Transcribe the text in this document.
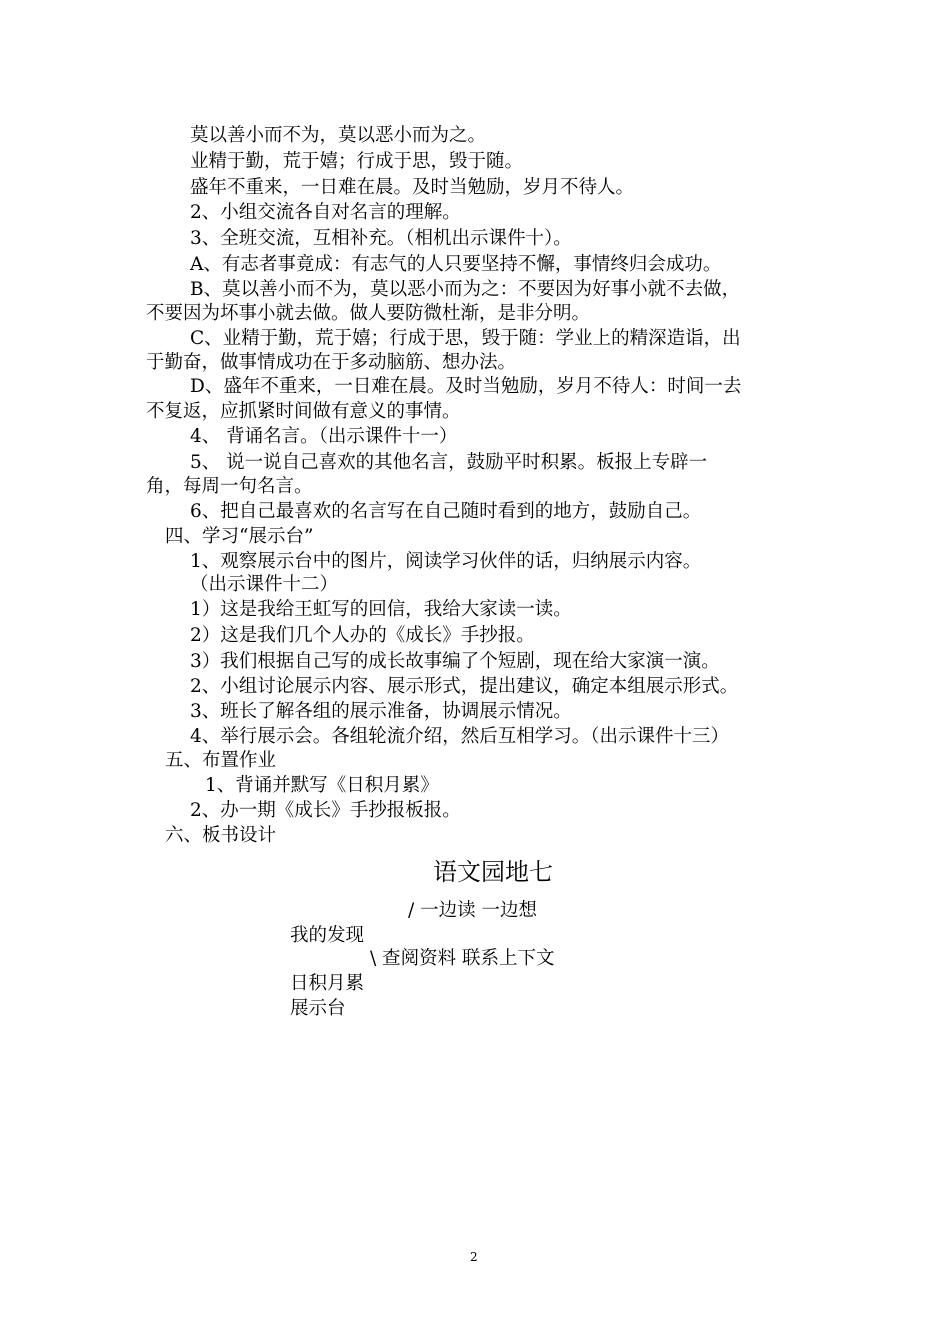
莫以善小而不为，莫以恶小而为之。
业精于勤，荒于嬉；行成于思，毁于随。
盛年不重来，一日难在晨。及时当勉励，岁月不待人。
2、小组交流各自对名言的理解。
3、全班交流，互相补充。（相机出示课件十）。
A、有志者事竟成：有志气的人只要坚持不懈，事情终归会成功。
B、莫以善小而不为，莫以恶小而为之：不要因为好事小就不去做，
不要因为坏事小就去做。做人要防微杜渐，是非分明。
C、业精于勤，荒于嬉；行成于思，毁于随：学业上的精深造诣，出
于勤奋，做事情成功在于多动脑筋、想办法。
D、盛年不重来，一日难在晨。及时当勉励，岁月不待人：时间一去
不复返，应抓紧时间做有意义的事情。
4、 背诵名言。（出示课件十一）
5、 说一说自己喜欢的其他名言，鼓励平时积累。板报上专辟一
角，每周一句名言。
6、把自己最喜欢的名言写在自己随时看到的地方，鼓励自己。
四、学习“展示台”
1、观察展示台中的图片，阅读学习伙伴的话，归纳展示内容。
（出示课件十二）
1）这是我给王虹写的回信，我给大家读一读。
2）这是我们几个人办的《成长》手抄报。
3）我们根据自己写的成长故事编了个短剧，现在给大家演一演。
2、小组讨论展示内容、展示形式，提出建议，确定本组展示形式。
3、班长了解各组的展示准备，协调展示情况。
4、举行展示会。各组轮流介绍，然后互相学习。（出示课件十三）
五、布置作业
1、背诵并默写《日积月累》
2、办一期《成长》手抄报板报。
六、板书设计
语文园地七
/ 一边读 一边想
我的发现
\ 查阅资料 联系上下文
日积月累
展示台
2
